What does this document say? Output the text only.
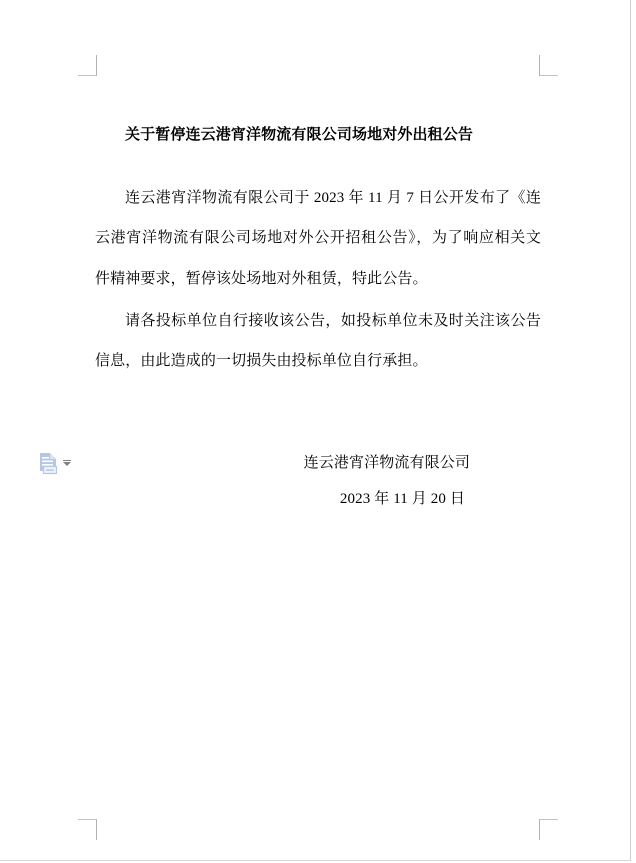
关于暂停连云港宵洋物流有限公司场地对外出租公告
连云港宵洋物流有限公司于 2023 年 11 月 7 日公开发布了《连云港宵洋物流有限公司场地对外公开招租公告》，为了响应相关文件精神要求，暂停该处场地对外租赁，特此公告。
请各投标单位自行接收该公告，如投标单位未及时关注该公告信息，由此造成的一切损失由投标单位自行承担。
连云港宵洋物流有限公司
2023 年 11 月 20 日
